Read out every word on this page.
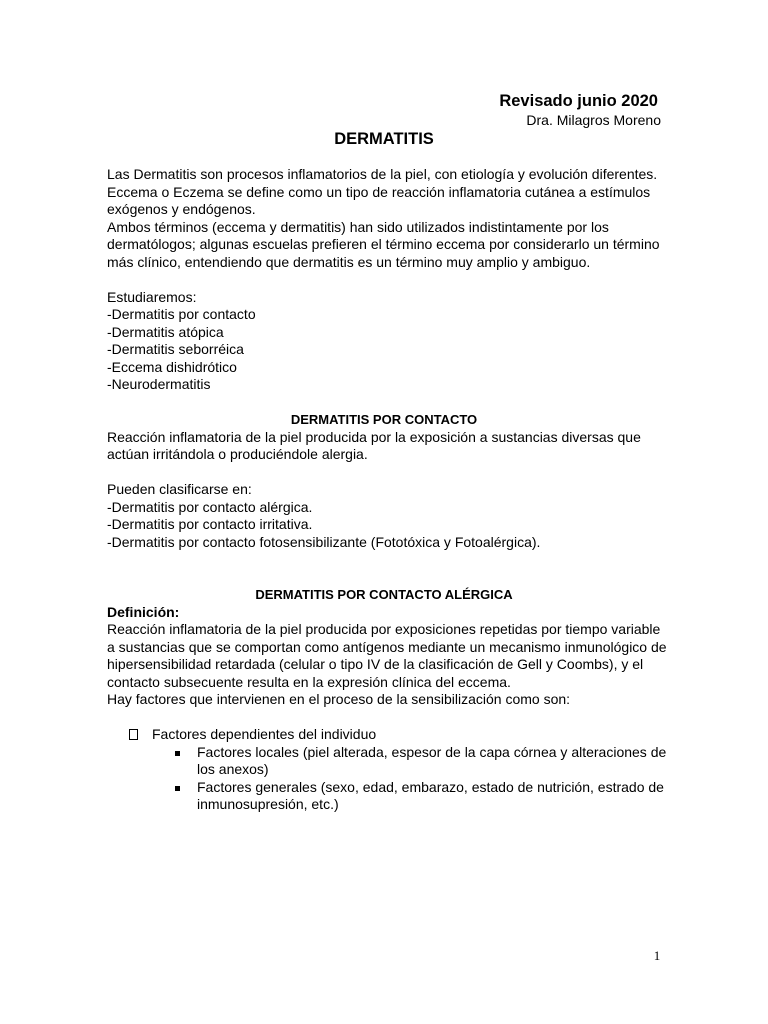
Revisado junio 2020
Dra. Milagros Moreno
DERMATITIS

Las Dermatitis son procesos inflamatorios de la piel, con etiología y evolución diferentes.

Eccema o Eczema se define como un tipo de reacción inflamatoria cutánea a estímulos exógenos y endógenos.

Ambos términos (eccema y dermatitis) han sido utilizados indistintamente por los dermatólogos; algunas escuelas prefieren el término eccema por considerarlo un término más clínico, entendiendo que dermatitis es un término muy amplio y ambiguo.

Estudiaremos:

-Dermatitis por contacto

-Dermatitis atópica

-Dermatitis seborréica

-Eccema dishidrótico

-Neurodermatitis

DERMATITIS POR CONTACTO

Reacción inflamatoria de la piel producida por la exposición a sustancias diversas que actúan irritándola o produciéndole alergia.

Pueden clasificarse en:

-Dermatitis por contacto alérgica.

-Dermatitis por contacto irritativa.

-Dermatitis por contacto fotosensibilizante (Fototóxica y Fotoalérgica).

DERMATITIS POR CONTACTO ALÉRGICA

Definición:

Reacción inflamatoria de la piel producida por exposiciones repetidas por tiempo variable a sustancias que se comportan como antígenos mediante un mecanismo inmunológico de hipersensibilidad retardada (celular o tipo IV de la clasificación de Gell y Coombs), y el contacto subsecuente resulta en la expresión clínica del eccema.

Hay factores que intervienen en el proceso de la sensibilización como son:

Factores dependientes del individuo

Factores locales (piel alterada, espesor de la capa córnea y alteraciones de los anexos)

Factores generales (sexo, edad, embarazo, estado de nutrición, estrado de inmunosupresión, etc.)

1
